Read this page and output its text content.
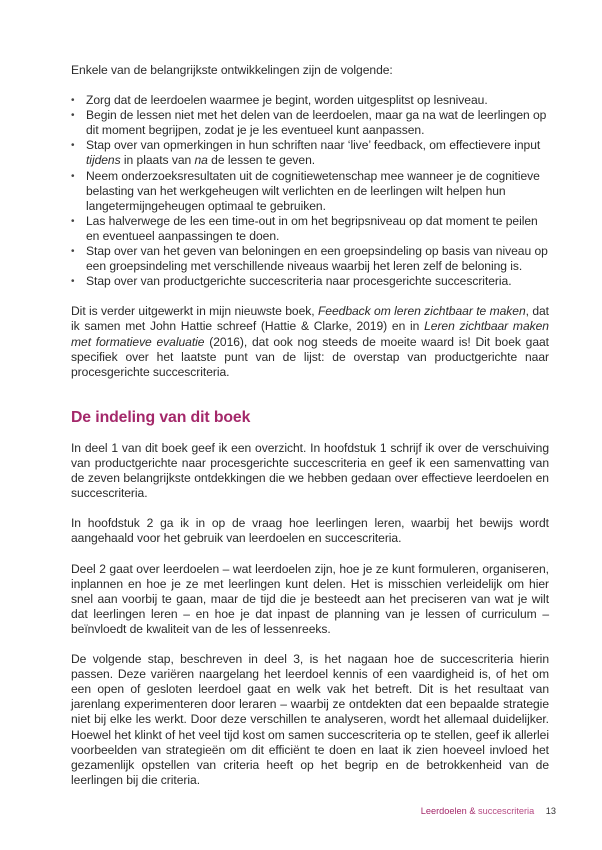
Enkele van de belangrijkste ontwikkelingen zijn de volgende:

• Zorg dat de leerdoelen waarmee je begint, worden uitgesplitst op lesniveau.
• Begin de lessen niet met het delen van de leerdoelen, maar ga na wat de leerlingen op dit moment begrijpen, zodat je je les eventueel kunt aanpassen.
• Stap over van opmerkingen in hun schriften naar ‘live’ feedback, om effectievere input tijdens in plaats van na de lessen te geven.
• Neem onderzoeksresultaten uit de cognitiewetenschap mee wanneer je de cognitieve belasting van het werkgeheugen wilt verlichten en de leerlingen wilt helpen hun langetermijngeheugen optimaal te gebruiken.
• Las halverwege de les een time-out in om het begripsniveau op dat moment te peilen en eventueel aanpassingen te doen.
• Stap over van het geven van beloningen en een groepsindeling op basis van niveau op een groepsindeling met verschillende niveaus waarbij het leren zelf de beloning is.
• Stap over van productgerichte succescriteria naar procesgerichte succescriteria.

Dit is verder uitgewerkt in mijn nieuwste boek, Feedback om leren zichtbaar te maken, dat ik samen met John Hattie schreef (Hattie & Clarke, 2019) en in Leren zichtbaar maken met formatieve evaluatie (2016), dat ook nog steeds de moeite waard is! Dit boek gaat specifiek over het laatste punt van de lijst: de overstap van productgerichte naar procesgerichte succescriteria.

De indeling van dit boek

In deel 1 van dit boek geef ik een overzicht. In hoofdstuk 1 schrijf ik over de verschuiving van productgerichte naar procesgerichte succescriteria en geef ik een samenvatting van de zeven belangrijkste ontdekkingen die we hebben gedaan over effectieve leerdoelen en succescriteria.

In hoofdstuk 2 ga ik in op de vraag hoe leerlingen leren, waarbij het bewijs wordt aangehaald voor het gebruik van leerdoelen en succescriteria.

Deel 2 gaat over leerdoelen – wat leerdoelen zijn, hoe je ze kunt formuleren, organiseren, inplannen en hoe je ze met leerlingen kunt delen. Het is misschien verleidelijk om hier snel aan voorbij te gaan, maar de tijd die je besteedt aan het preciseren van wat je wilt dat leerlingen leren – en hoe je dat inpast de planning van je lessen of curriculum – beïnvloedt de kwaliteit van de les of lessenreeks.

De volgende stap, beschreven in deel 3, is het nagaan hoe de succescriteria hierin passen. Deze variëren naargelang het leerdoel kennis of een vaardigheid is, of het om een open of gesloten leerdoel gaat en welk vak het betreft. Dit is het resultaat van jarenlang experimenteren door leraren – waarbij ze ontdekten dat een bepaalde strategie niet bij elke les werkt. Door deze verschillen te analyseren, wordt het allemaal duidelijker. Hoewel het klinkt of het veel tijd kost om samen succescriteria op te stellen, geef ik allerlei voorbeelden van strategieën om dit efficiënt te doen en laat ik zien hoeveel invloed het gezamenlijk opstellen van criteria heeft op het begrip en de betrokkenheid van de leerlingen bij die criteria.

Leerdoelen & succescriteria 13
